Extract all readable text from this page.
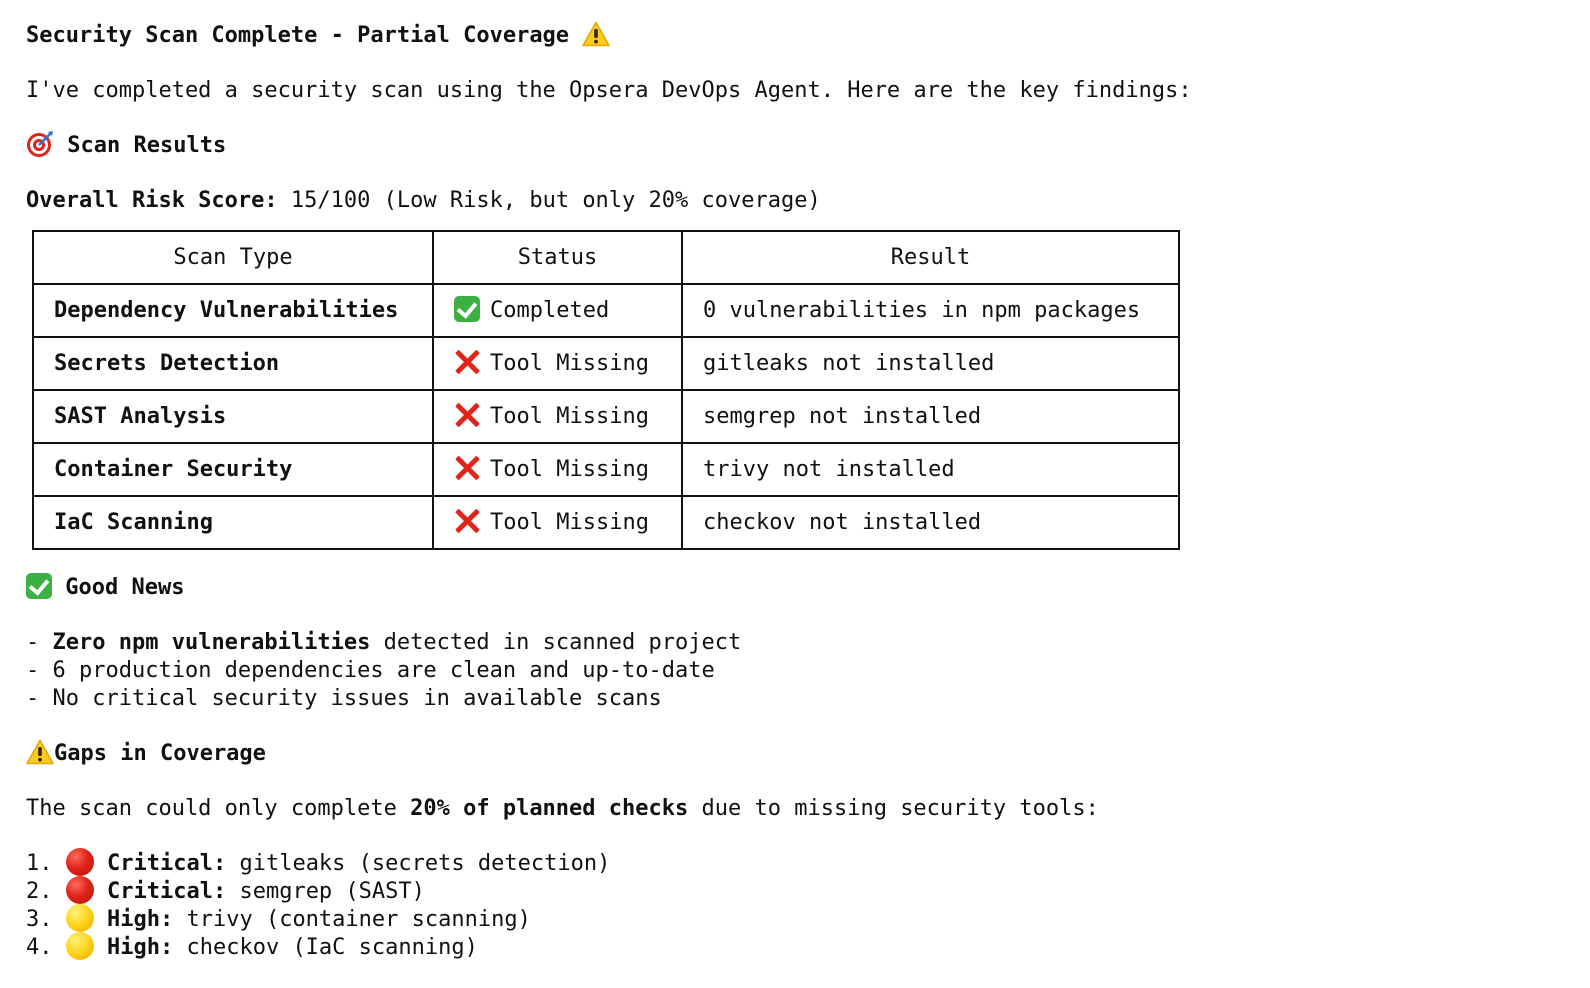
Security Scan Complete - Partial Coverage
I've completed a security scan using the Opsera DevOps Agent. Here are the key findings:
Scan Results
Overall Risk Score: 15/100 (Low Risk, but only 20% coverage)
Scan Type	Status	Result
Dependency Vulnerabilities	Completed	0 vulnerabilities in npm packages
Secrets Detection	Tool Missing	gitleaks not installed
SAST Analysis	Tool Missing	semgrep not installed
Container Security	Tool Missing	trivy not installed
IaC Scanning	Tool Missing	checkov not installed
Good News
- Zero npm vulnerabilities detected in scanned project
- 6 production dependencies are clean and up-to-date
- No critical security issues in available scans
Gaps in Coverage
The scan could only complete 20% of planned checks due to missing security tools:
1. Critical: gitleaks (secrets detection)
2. Critical: semgrep (SAST)
3. High: trivy (container scanning)
4. High: checkov (IaC scanning)
